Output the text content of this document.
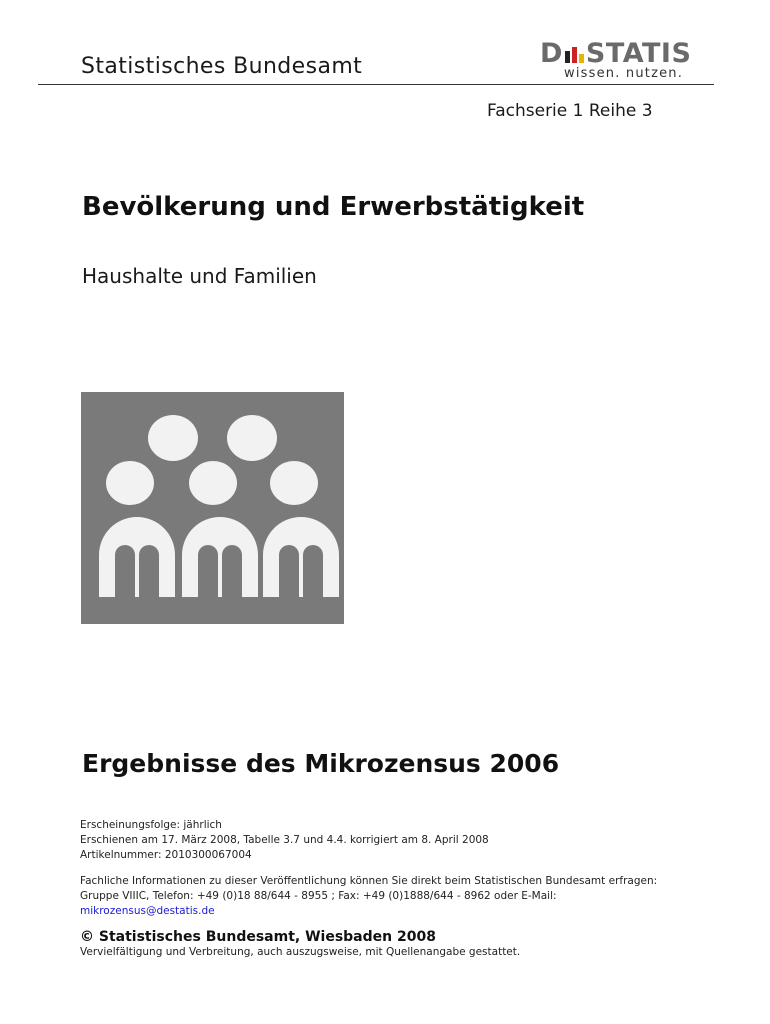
Statistisches Bundesamt	D STATIS
wissen. nutzen.
Fachserie 1 Reihe 3
Bevölkerung und Erwerbstätigkeit
Haushalte und Familien
Ergebnisse des Mikrozensus 2006
Erscheinungsfolge: jährlich
Erschienen am 17. März 2008, Tabelle 3.7 und 4.4. korrigiert am 8. April 2008
Artikelnummer: 2010300067004
Fachliche Informationen zu dieser Veröffentlichung können Sie direkt beim Statistischen Bundesamt erfragen:
Gruppe VIIIC, Telefon: +49 (0)18 88/644 - 8955 ; Fax: +49 (0)1888/644 - 8962 oder E-Mail:
mikrozensus@destatis.de
© Statistisches Bundesamt, Wiesbaden 2008
Vervielfältigung und Verbreitung, auch auszugsweise, mit Quellenangabe gestattet.
